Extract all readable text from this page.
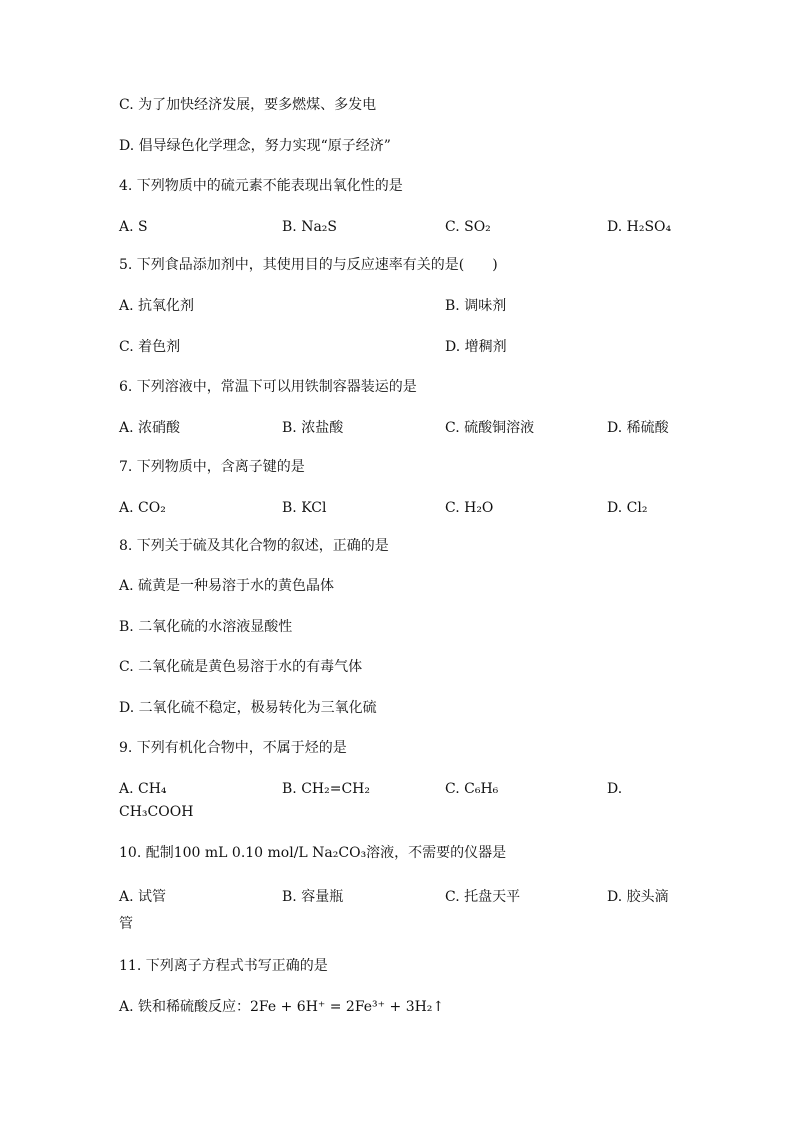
C. 为了加快经济发展，要多燃煤、多发电
D. 倡导绿色化学理念，努力实现“原子经济”
4. 下列物质中的硫元素不能表现出氧化性的是
A. S	B. Na₂S	C. SO₂	D. H₂SO₄
5. 下列食品添加剂中，其使用目的与反应速率有关的是(　　)
A. 抗氧化剂	B. 调味剂
C. 着色剂	D. 增稠剂
6. 下列溶液中，常温下可以用铁制容器装运的是
A. 浓硝酸	B. 浓盐酸	C. 硫酸铜溶液	D. 稀硫酸
7. 下列物质中，含离子键的是
A. CO₂	B. KCl	C. H₂O	D. Cl₂
8. 下列关于硫及其化合物的叙述，正确的是
A. 硫黄是一种易溶于水的黄色晶体
B. 二氧化硫的水溶液显酸性
C. 二氧化硫是黄色易溶于水的有毒气体
D. 二氧化硫不稳定，极易转化为三氧化硫
9. 下列有机化合物中，不属于烃的是
A. CH₄	B. CH₂=CH₂	C. C₆H₆	D.
CH₃COOH
10. 配制100 mL 0.10 mol/L Na₂CO₃溶液，不需要的仪器是
A. 试管	B. 容量瓶	C. 托盘天平	D. 胶头滴
管
11. 下列离子方程式书写正确的是
A. 铁和稀硫酸反应：2Fe + 6H⁺ = 2Fe³⁺ + 3H₂↑
